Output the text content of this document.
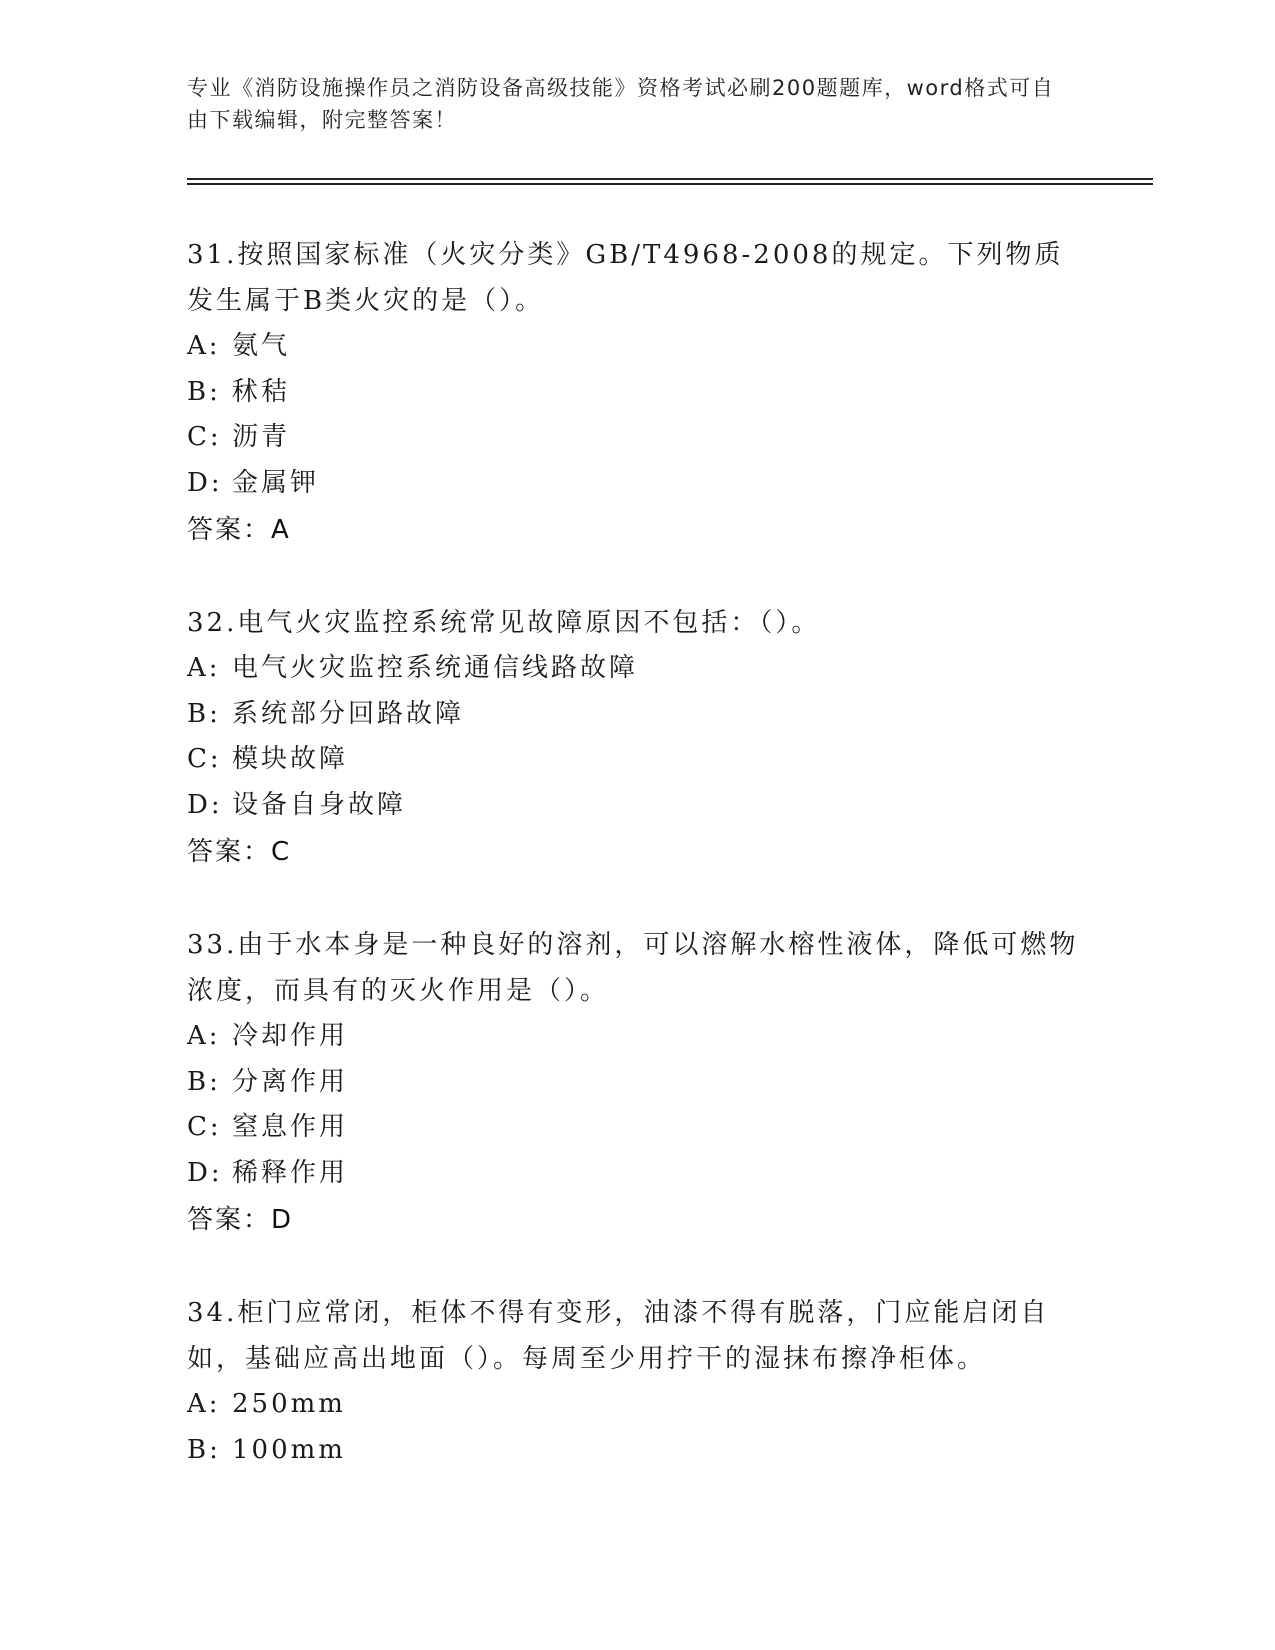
专业《消防设施操作员之消防设备高级技能》资格考试必刷200题题库，word格式可自由下载编辑，附完整答案！

31.按照国家标准（火灾分类》GB/T4968-2008的规定。下列物质发生属于B类火灾的是（）。

A: 氨气
B: 秫秸
C: 沥青
D: 金属钾
答案：A

32.电气火灾监控系统常见故障原因不包括：（）。

A: 电气火灾监控系统通信线路故障
B: 系统部分回路故障
C: 模块故障
D: 设备自身故障
答案：C

33.由于水本身是一种良好的溶剂，可以溶解水榕性液体，降低可燃物浓度，而具有的灭火作用是（）。

A: 冷却作用
B: 分离作用
C: 窒息作用
D: 稀释作用
答案：D

34.柜门应常闭，柜体不得有变形，油漆不得有脱落，门应能启闭自如，基础应高出地面（）。每周至少用拧干的湿抹布擦净柜体。

A: 250mm
B: 100mm
